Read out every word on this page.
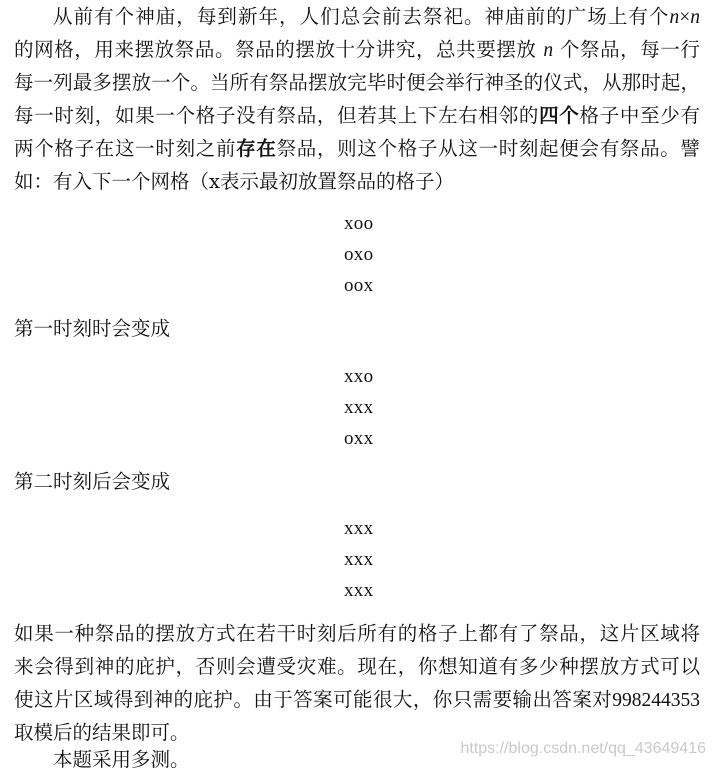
从前有个神庙，每到新年，人们总会前去祭祀。神庙前的广场上有个n×n
的网格，用来摆放祭品。祭品的摆放十分讲究，总共要摆放 n 个祭品，每一行
每一列最多摆放一个。当所有祭品摆放完毕时便会举行神圣的仪式，从那时起，
每一时刻，如果一个格子没有祭品，但若其上下左右相邻的四个格子中至少有
两个格子在这一时刻之前存在祭品，则这个格子从这一时刻起便会有祭品。譬
如：有入下一个网格（x表示最初放置祭品的格子）
xoo
oxo
oox
第一时刻时会变成
xxo
xxx
oxx
第二时刻后会变成
xxx
xxx
xxx
如果一种祭品的摆放方式在若干时刻后所有的格子上都有了祭品，这片区域将
来会得到神的庇护，否则会遭受灾难。现在，你想知道有多少种摆放方式可以
使这片区域得到神的庇护。由于答案可能很大，你只需要输出答案对998244353
取模后的结果即可。
本题采用多测。	https://blog.csdn.net/qq_43649416
